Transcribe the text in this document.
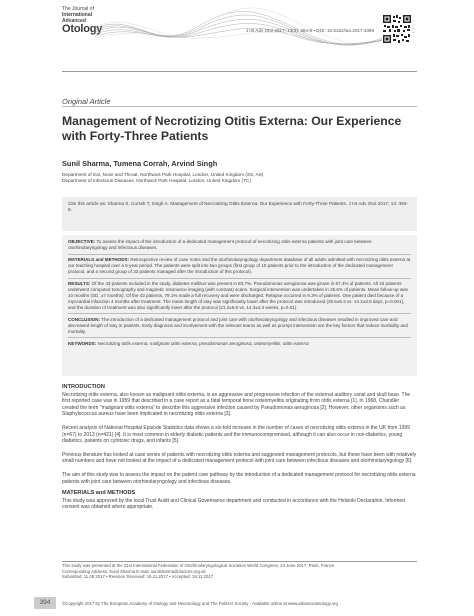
The Journal of
International
Advanced
Otology	J Int Adv Otol 2017; 13(3): 394-8 • DOI: 10.5152/iao.2017.4399
Original Article
Management of Necrotizing Otitis Externa: Our Experience with Forty-Three Patients
Sunil Sharma, Tumena Corrah, Arvind Singh
Department of Ear, Nose and Throat, Northwick Park Hospital, London, United Kingdom (SS, AS)
Department of Infectious Diseases, Northwick Park Hospital, London, United Kingdom (TC)
Cite this article as: Sharma S, Corrah T, Singh A. Management of Necrotizing Otitis Externa: Our Experience with Forty-Three Patients. J Int Adv Otol 2017; 13: 394-8.

OBJECTIVE: To assess the impact of the introduction of a dedicated management protocol of necrotizing otitis externa patients with joint care between otorhinolaryngology and infectious diseases.

MATERIALS and METHODS: Retrospective review of case notes and the otorhinolaryngology department database of all adults admitted with necrotizing otitis externa at our teaching hospital over a 5-year period. The patients were split into two groups (first group of 10 patients prior to the introduction of the dedicated management protocol, and a second group of 33 patients managed after the introduction of this protocol).

RESULTS: Of the 43 patients included in the study, diabetes mellitus was present in 83.7%. Pseudomonas aeruginosa was grown in 67.4% of patients. All 43 patients underwent computed tomography and magnetic resonance imaging (with contrast) scans. Surgical intervention was undertaken in 25.6% of patients. Mean follow-up was 10 months (SD, ±7 months). Of the 43 patients, 79.1% made a full recovery and were discharged. Relapse occurred in 9.3% of patients. One patient died because of a myocardial infarction 4 months after treatment. The mean length of stay was significantly lower after the protocol was introduced (25.6±5.3 vs. 14.2±3.8 days, p=0.001), and the duration of treatment was also significantly lower after the protocol (21.2±6.8 vs. 14.3±4.3 weeks, p=0.01).

CONCLUSION: The introduction of a dedicated management protocol and joint care with otorhinolaryngology and infectious diseases resulted in improved care and decreased length of stay in patients. Early diagnosis and involvement with the relevant teams as well as prompt intervention are the key factors that reduce morbidity and mortality.

KEYWORDS: Necrotizing otitis externa, malignant otitis externa, pseudomonas aeruginosa, osteomyelitis, otitis externa

INTRODUCTION

Necrotizing otitis externa, also known as malignant otitis externa, is an aggressive and progressive infection of the external auditory canal and skull base. The first reported case was in 1959 that described in a case report as a fatal temporal bone osteomyelitis originating from otitis externa [1]. In 1968, Chandler created the term "malignant otitis externa" to describe this aggressive infection caused by Pseudomonas aeruginosa [2]. However, other organisms such as Staphylococcus aureus have been implicated in necrotizing otitis externa [3].

Recent analysis of National Hospital Episode Statistics data shows a six-fold increase in the number of cases of necrotizing otitis externa in the UK from 1999 (n=67) to 2013 (n=421) [4]. It is most common in elderly diabetic patients and the immunocompromised, although it can also occur in non-diabetics, young diabetics, patients on cytotoxic drugs, and infants [5].

Previous literature has looked at case series of patients with necrotizing otitis externa and suggested management protocols, but these have been with relatively small numbers and have not looked at the impact of a dedicated management protocol with joint care between infectious diseases and otorhinolaryngology [6].

The aim of this study was to assess the impact on the patient care pathway by the introduction of a dedicated management protocol for necrotizing otitis externa patients with joint care between otorhinolaryngology and infectious diseases.

MATERIALS and METHODS

This study was approved by the local Trust Audit and Clinical Governance department and conducted in accordance with the Helsinki Declaration. Informed consent was obtained where appropriate.

This study was presented at the 21st International Federation of Otorhinolaryngological Societies World Congress, 24 June 2017, Paris, France.
Corresponding Address: Sunil Sharma E-mail: sunilsharma@doctors.org.uk
Submitted: 11.08.2017 • Revision Received: 15.11.2017 • Accepted: 19.11.2017
394	©Copyright 2017 by The European Academy of Otology and Neurotology and The Politzer Society - Available online at www.advancedotology.org
